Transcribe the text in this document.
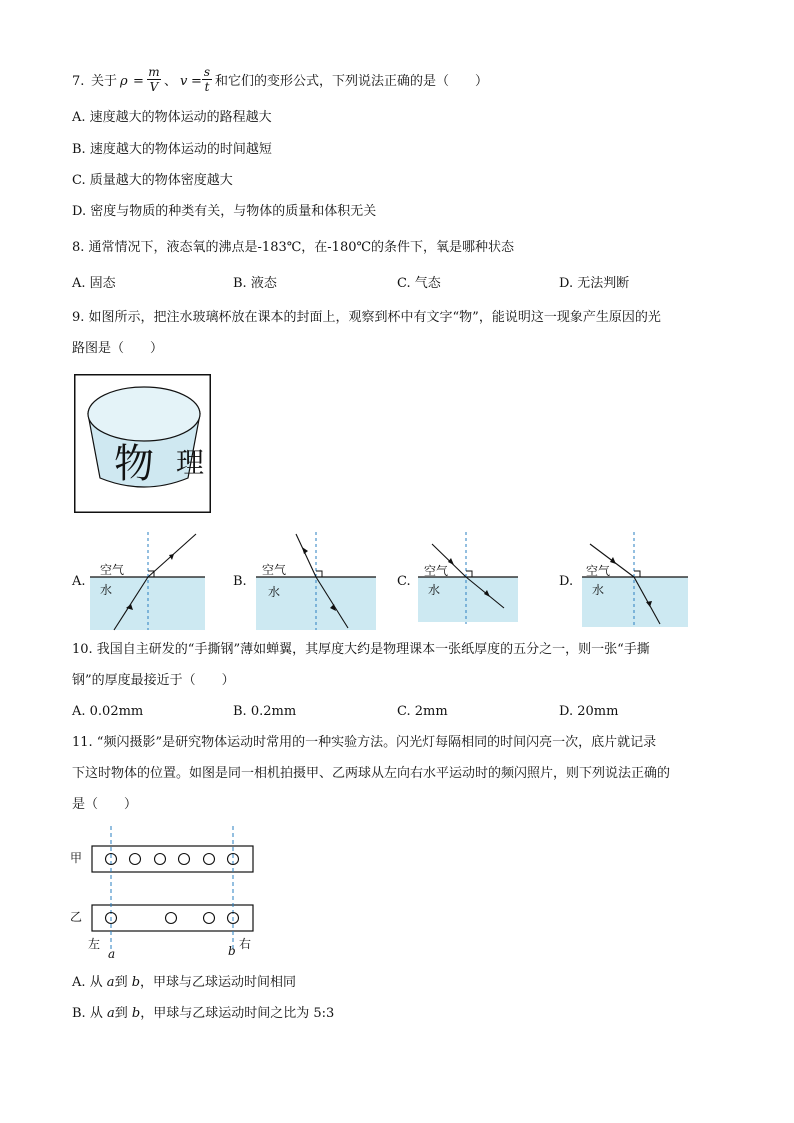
7. 关于 ρ =
m
V 、 v =
s
t 和它们的变形公式，下列说法正确的是（　　）
A. 速度越大的物体运动的路程越大
B. 速度越大的物体运动的时间越短
C. 质量越大的物体密度越大
D. 密度与物质的种类有关，与物体的质量和体积无关
8. 通常情况下，液态氧的沸点是-183℃，在-180℃的条件下，氧是哪种状态
A. 固态	B. 液态	C. 气态	D. 无法判断
9. 如图所示，把注水玻璃杯放在课本的封面上，观察到杯中有文字“物”，能说明这一现象产生原因的光
路图是（　　）
物 理
A.	B.	C.	D.
空气
水
空气
水
空气
水
空气
水
10. 我国自主研发的“手撕钢”薄如蝉翼，其厚度大约是物理课本一张纸厚度的五分之一，则一张“手撕
钢”的厚度最接近于（　　）
A. 0.02mm	B. 0.2mm	C. 2mm	D. 20mm
11. “频闪摄影”是研究物体运动时常用的一种实验方法。闪光灯每隔相同的时间闪亮一次，底片就记录
下这时物体的位置。如图是同一相机拍摄甲、乙两球从左向右水平运动时的频闪照片，则下列说法正确的
是（　　）
甲
乙
左
a	b 右
A. 从 a到 b，甲球与乙球运动时间相同
B. 从 a到 b，甲球与乙球运动时间之比为 5:3
